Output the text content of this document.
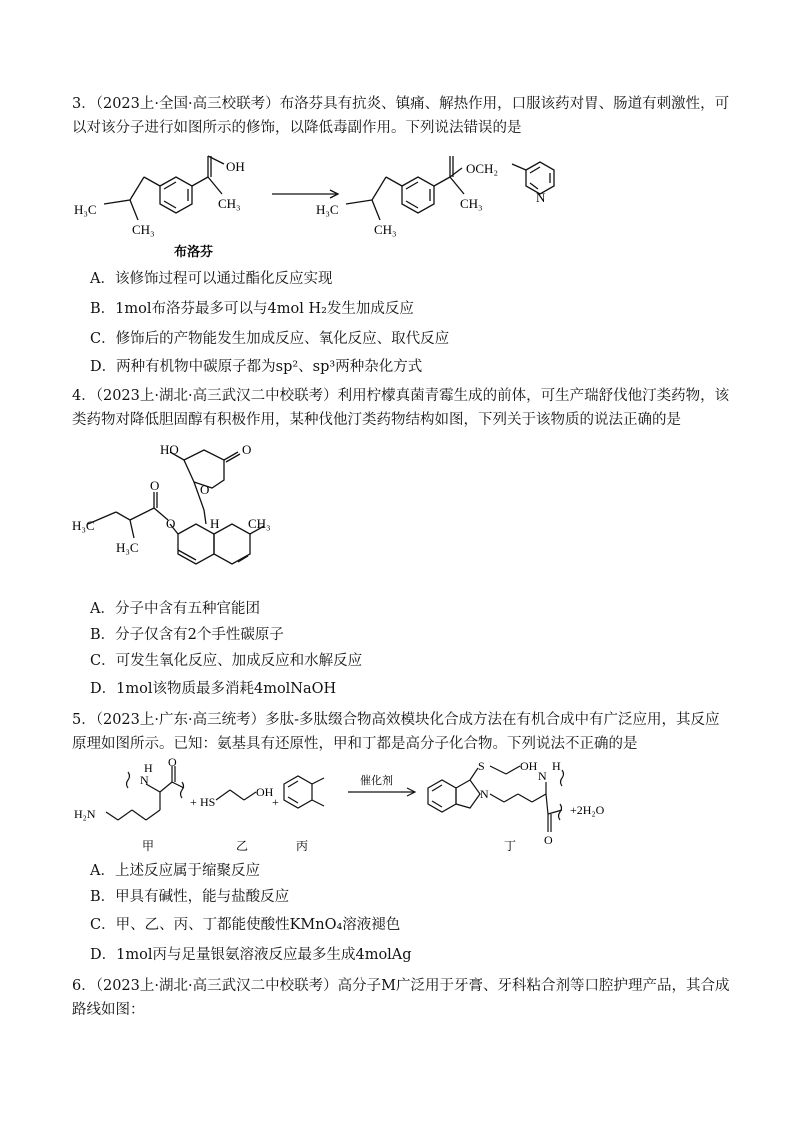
3．（2023上·全国·高三校联考）布洛芬具有抗炎、镇痛、解热作用，口服该药对胃、肠道有刺激性，可以对该分子进行如图所示的修饰，以降低毒副作用。下列说法错误的是
OH
H₃C
CH₃
CH₃
布洛芬
OCH₂
H₃C
CH₃
CH₃	N
A．该修饰过程可以通过酯化反应实现
B．1mol布洛芬最多可以与4mol H₂发生加成反应
C．修饰后的产物能发生加成反应、氧化反应、取代反应
D．两种有机物中碳原子都为sp²、sp³两种杂化方式
4．（2023上·湖北·高三武汉二中校联考）利用柠檬真菌青霉生成的前体，可生产瑞舒伐他汀类药物，该类药物对降低胆固醇有积极作用，某种伐他汀类药物结构如图，下列关于该物质的说法正确的是
HO	O
O
O
O
H₃C
H₃C
H CH₃
A．分子中含有五种官能团
B．分子仅含有2个手性碳原子
C．可发生氧化反应、加成反应和水解反应
D．1mol该物质最多消耗4molNaOH
5．（2023上·广东·高三统考）多肽-多肽缀合物高效模块化合成方法在有机合成中有广泛应用，其反应原理如图所示。已知：氨基具有还原性，甲和丁都是高分子化合物。下列说法不正确的是
H₂N
H
N
O
+ HS
OH
+
催化剂
S	OH
N
H
N
O
+2H₂O
甲	乙	丙	丁
A．上述反应属于缩聚反应
B．甲具有碱性，能与盐酸反应
C．甲、乙、丙、丁都能使酸性KMnO₄溶液褪色
D．1mol丙与足量银氨溶液反应最多生成4molAg
6．（2023上·湖北·高三武汉二中校联考）高分子M广泛用于牙膏、牙科粘合剂等口腔护理产品，其合成路线如图：
